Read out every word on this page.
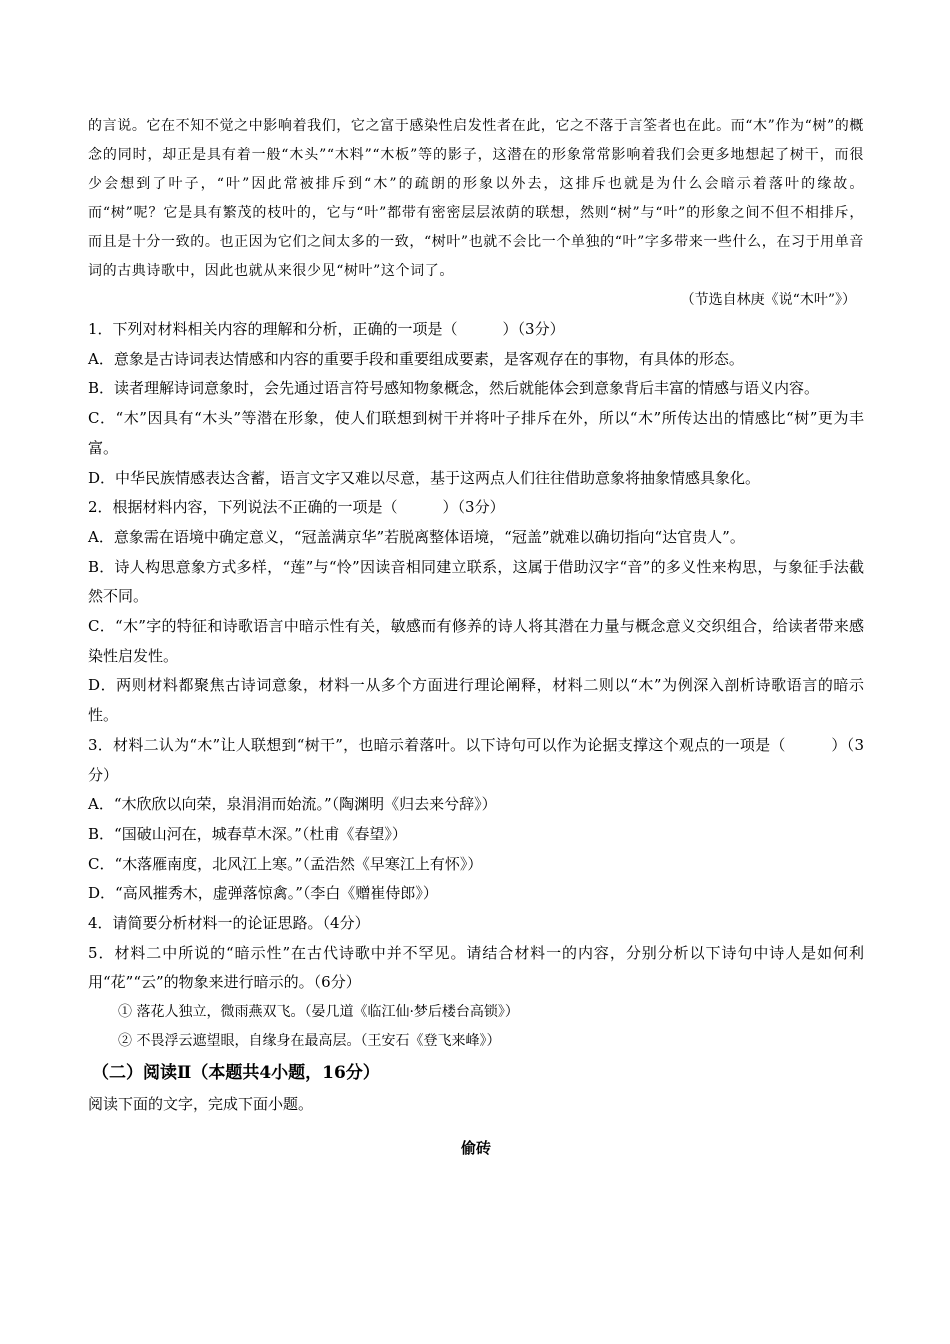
的言说。它在不知不觉之中影响着我们，它之富于感染性启发性者在此，它之不落于言筌者也在此。而“木”作为“树”的概念的同时，却正是具有着一般“木头”“木料”“木板”等的影子，这潜在的形象常常影响着我们会更多地想起了树干，而很少会想到了叶子，“叶”因此常被排斥到“木”的疏朗的形象以外去，这排斥也就是为什么会暗示着落叶的缘故。而“树”呢？它是具有繁茂的枝叶的，它与“叶”都带有密密层层浓荫的联想，然则“树”与“叶”的形象之间不但不相排斥，而且是十分一致的。也正因为它们之间太多的一致，“树叶”也就不会比一个单独的“叶”字多带来一些什么，在习于用单音词的古典诗歌中，因此也就从来很少见“树叶”这个词了。

（节选自林庚《说“木叶”》）

1．下列对材料相关内容的理解和分析，正确的一项是（　　　）（3分）

A．意象是古诗词表达情感和内容的重要手段和重要组成要素，是客观存在的事物，有具体的形态。

B．读者理解诗词意象时，会先通过语言符号感知物象概念，然后就能体会到意象背后丰富的情感与语义内容。

C．“木”因具有“木头”等潜在形象，使人们联想到树干并将叶子排斥在外，所以“木”所传达出的情感比“树”更为丰富。

D．中华民族情感表达含蓄，语言文字又难以尽意，基于这两点人们往往借助意象将抽象情感具象化。

2．根据材料内容，下列说法不正确的一项是（　　　）（3分）

A．意象需在语境中确定意义，“冠盖满京华”若脱离整体语境，“冠盖”就难以确切指向“达官贵人”。

B．诗人构思意象方式多样，“莲”与“怜”因读音相同建立联系，这属于借助汉字“音”的多义性来构思，与象征手法截然不同。

C．“木”字的特征和诗歌语言中暗示性有关，敏感而有修养的诗人将其潜在力量与概念意义交织组合，给读者带来感染性启发性。

D．两则材料都聚焦古诗词意象，材料一从多个方面进行理论阐释，材料二则以“木”为例深入剖析诗歌语言的暗示性。

3．材料二认为“木”让人联想到“树干”，也暗示着落叶。以下诗句可以作为论据支撑这个观点的一项是（　　　）（3分）

A．“木欣欣以向荣，泉涓涓而始流。”（陶渊明《归去来兮辞》）

B．“国破山河在，城春草木深。”（杜甫《春望》）

C．“木落雁南度，北风江上寒。”（孟浩然《早寒江上有怀》）

D．“高风摧秀木，虚弹落惊禽。”（李白《赠崔侍郎》）

4．请简要分析材料一的论证思路。（4分）

5．材料二中所说的“暗示性”在古代诗歌中并不罕见。请结合材料一的内容，分别分析以下诗句中诗人是如何利用“花”“云”的物象来进行暗示的。（6分）

① 落花人独立，微雨燕双飞。（晏几道《临江仙·梦后楼台高锁》）

② 不畏浮云遮望眼，自缘身在最高层。（王安石《登飞来峰》）

（二）阅读Ⅱ（本题共4小题，16分）

阅读下面的文字，完成下面小题。

偷砖
